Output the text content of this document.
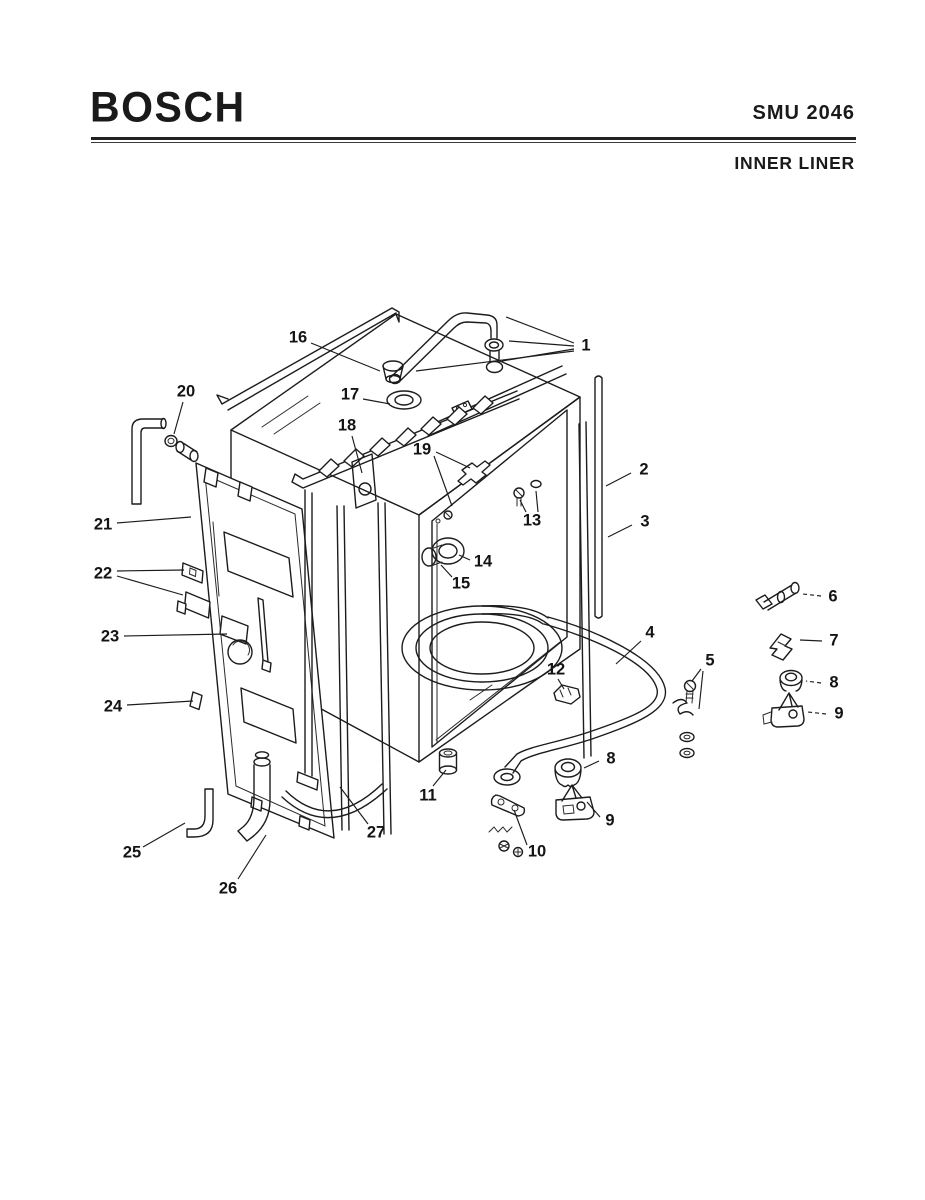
BOSCH	SMU 2046
INNER LINER
1
2
3
4
5
6
7
8
9
8
9
10
11
12
13
14
15
16
17
18
19
20
21
22
23
24
25
26
27
